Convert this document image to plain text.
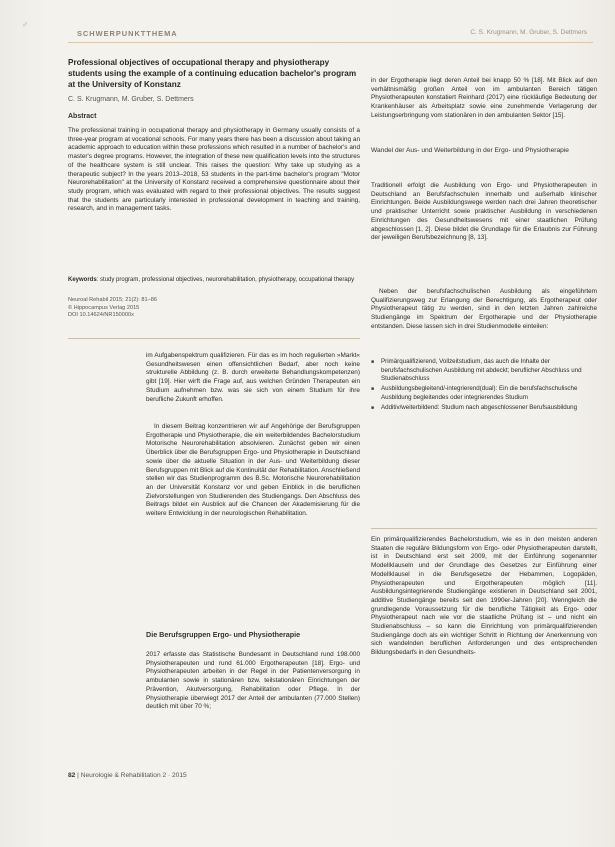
✓
SCHWERPUNKTTHEMA	C. S. Krugmann, M. Gruber, S. Dettmers
Professional objectives of occupational therapy and physiotherapy students using the example of a continuing education bachelor's program at the University of Konstanz
C. S. Krugmann, M. Gruber, S. Dettmers
Abstract
The professional training in occupational therapy and physiotherapy in Germany usually consists of a three-year program at vocational schools. For many years there has been a discussion about taking an academic approach to education within these professions which resulted in a number of bachelor's and master's degree programs. However, the integration of these new qualification levels into the structures of the healthcare system is still unclear. This raises the question: Why take up studying as a therapeutic subject? In the years 2013–2018, 53 students in the part-time bachelor's program "Motor Neurorehabilitation" at the University of Konstanz received a comprehensive questionnaire about their study program, which was evaluated with regard to their professional objectives. The results suggest that the students are particularly interested in professional development in teaching and training, research, and in management tasks.
Keywords: study program, professional objectives, neurorehabilitation, physiotherapy, occupational therapy
Neuroal Rehabil 2015; 21(2): 81–86
© Hippocampus Verlag 2015
DOI 10.14624/NR150000x
im Aufgabenspektrum qualifizieren. Für das es im hoch regulierten »Markt« Gesundheitswesen einen offensichtlichen Bedarf, aber noch keine strukturelle Abbildung (z. B. durch erweiterte Behandlungskompetenzen) gibt [19]. Hier wirft die Frage auf, aus welchen Gründen Therapeuten ein Studium aufnehmen bzw. was sie sich von einem Studium für ihre berufliche Zukunft erhoffen.
In diesem Beitrag konzentrieren wir auf Angehörige der Berufsgruppen Ergotherapie und Physiotherapie, die ein weiterbildendes Bachelorstudium Motorische Neurorehabilitation absolvieren. Zunächst geben wir einen Überblick über die Berufsgruppen Ergo- und Physiotherapie in Deutschland sowie über die aktuelle Situation in der Aus- und Weiterbildung dieser Berufsgruppen mit Blick auf die Kontinuität der Rehabilitation. Anschließend stellen wir das Studienprogramm des B.Sc. Motorische Neurorehabilitation an der Universität Konstanz vor und geben Einblick in die beruflichen Zielvorstellungen von Studierenden des Studiengangs. Den Abschluss des Beitrags bildet ein Ausblick auf die Chancen der Akademisierung für die weitere Entwicklung in der neurologischen Rehabilitation.
Die Berufsgruppen Ergo- und Physiotherapie
2017 erfasste das Statistische Bundesamt in Deutschland rund 198.000 Physiotherapeuten und rund 61.000 Ergotherapeuten [18]. Ergo- und Physiotherapeuten arbeiten in der Regel in der Patientenversorgung in ambulanten sowie in stationären bzw. teilstationären Einrichtungen der Prävention, Akutversorgung, Rehabilitation oder Pflege. In der Physiotherapie überwiegt 2017 der Anteil der ambulanten (77.000 Stellen) deutlich mit über 70 %;
in der Ergotherapie liegt deren Anteil bei knapp 50 % [18]. Mit Blick auf den verhältnismäßig großen Anteil von im ambulanten Bereich tätigen Physiotherapeuten konstatiert Reinhard (2017) eine rückläufige Bedeutung der Krankenhäuser als Arbeitsplatz sowie eine zunehmende Verlagerung der Leistungserbringung vom stationären in den ambulanten Sektor [15].
Wandel der Aus- und Weiterbildung in der Ergo- und Physiotherapie
Traditionell erfolgt die Ausbildung von Ergo- und Physiotherapeuten in Deutschland an Berufsfachschulen innerhalb und außerhalb klinischer Einrichtungen. Beide Ausbildungswege werden nach drei Jahren theoretischer und praktischer Unterricht sowie praktischer Ausbildung in verschiedenen Einrichtungen des Gesundheitswesens mit einer staatlichen Prüfung abgeschlossen [1, 2]. Diese bildet die Grundlage für die Erlaubnis zur Führung der jeweiligen Berufsbezeichnung [8, 13].
Neben der berufsfachschulischen Ausbildung als eingeführtem Qualifizierungsweg zur Erlangung der Berechtigung, als Ergotherapeut oder Physiotherapeut tätig zu werden, sind in den letzten Jahren zahlreiche Studiengänge im Spektrum der Ergotherapie und der Physiotherapie entstanden. Diese lassen sich in drei Studienmodelle einteilen:
■ Primärqualifizierend, Vollzeitstudium, das auch die Inhalte der berufsfachschulischen Ausbildung mit abdeckt; beruflicher Abschluss und Studienabschluss
■ Ausbildungsbegleitend/-integrierend(dual): Ein die berufsfachschulische Ausbildung begleitendes oder integrierendes Studium
■ Additiv/weiterbildend: Studium nach abgeschlossener Berufsausbildung
Ein primärqualifizierendes Bachelorstudium, wie es in den meisten anderen Staaten die reguläre Bildungsform von Ergo- oder Physiotherapeuten darstellt, ist in Deutschland erst seit 2009, mit der Einführung sogenannter Modellklauseln und der Grundlage des Gesetzes zur Einführung einer Modellklausel in die Berufsgesetze der Hebammen, Logopäden, Physiotherapeuten und Ergotherapeuten möglich [11]. Ausbildungsintegrierende Studiengänge existieren in Deutschland seit 2001, additive Studiengänge bereits seit den 1990er-Jahren [20]. Wenngleich die grundlegende Voraussetzung für die berufliche Tätigkeit als Ergo- oder Physiotherapeut nach wie vor die staatliche Prüfung ist – und nicht ein Studienabschluss – so kann die Einrichtung von primärqualifizierenden Studiengänge doch als ein wichtiger Schritt in Richtung der Anerkennung von sich wandelnden beruflichen Anforderungen und des entsprechenden Bildungsbedarfs in den Gesundheits-
82 | Neurologie & Rehabilitation 2 · 2015
